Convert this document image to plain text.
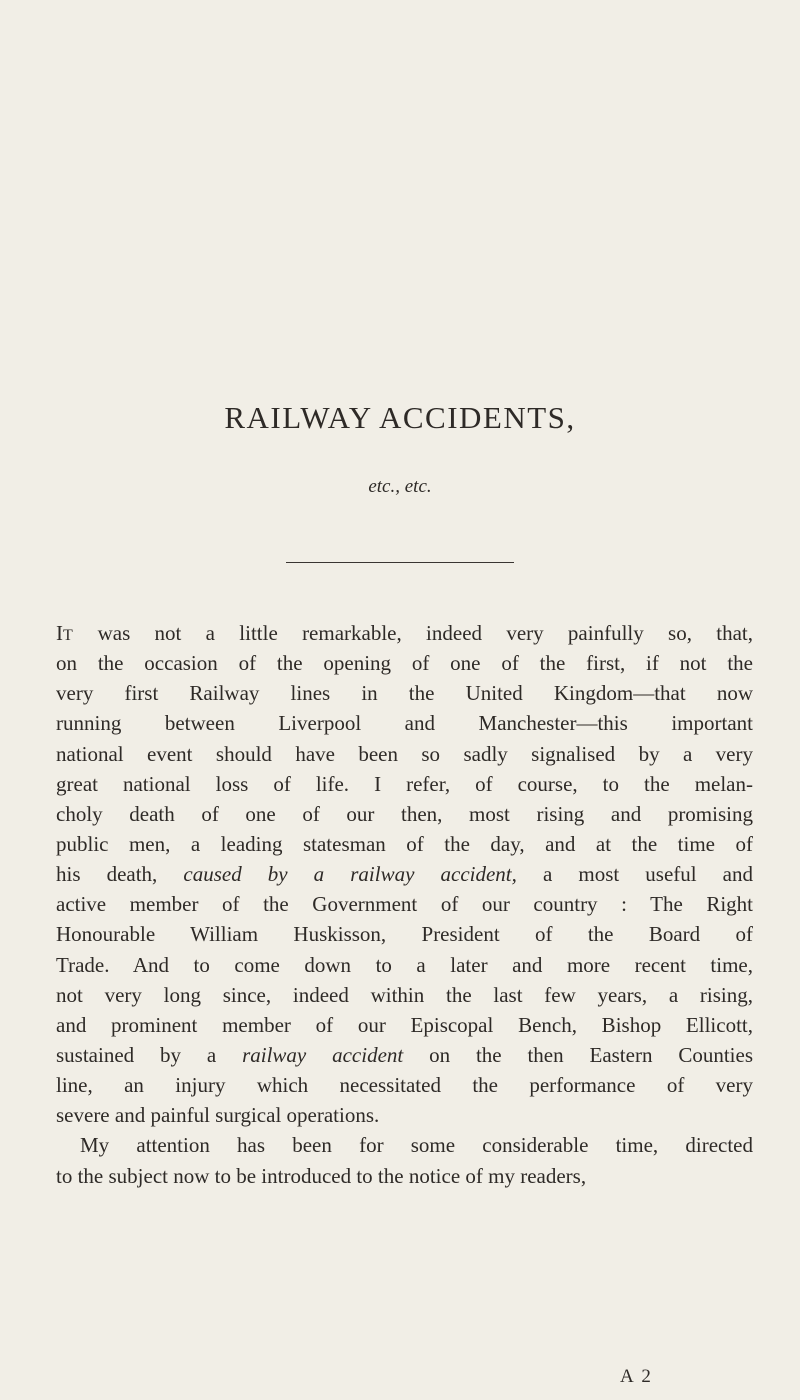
RAILWAY ACCIDENTS,

etc., etc.

IT was not a little remarkable, indeed very painfully so, that,
on the occasion of the opening of one of the first, if not the
very first Railway lines in the United Kingdom—that now
running between Liverpool and Manchester—this important
national event should have been so sadly signalised by a very
great national loss of life. I refer, of course, to the melan-
choly death of one of our then, most rising and promising
public men, a leading statesman of the day, and at the time of
his death, caused by a railway accident, a most useful and
active member of the Government of our country : The Right
Honourable William Huskisson, President of the Board of
Trade. And to come down to a later and more recent time,
not very long since, indeed within the last few years, a rising,
and prominent member of our Episcopal Bench, Bishop Ellicott,
sustained by a railway accident on the then Eastern Counties
line, an injury which necessitated the performance of very
severe and painful surgical operations.
My attention has been for some considerable time, directed
to the subject now to be introduced to the notice of my readers,
A 2
